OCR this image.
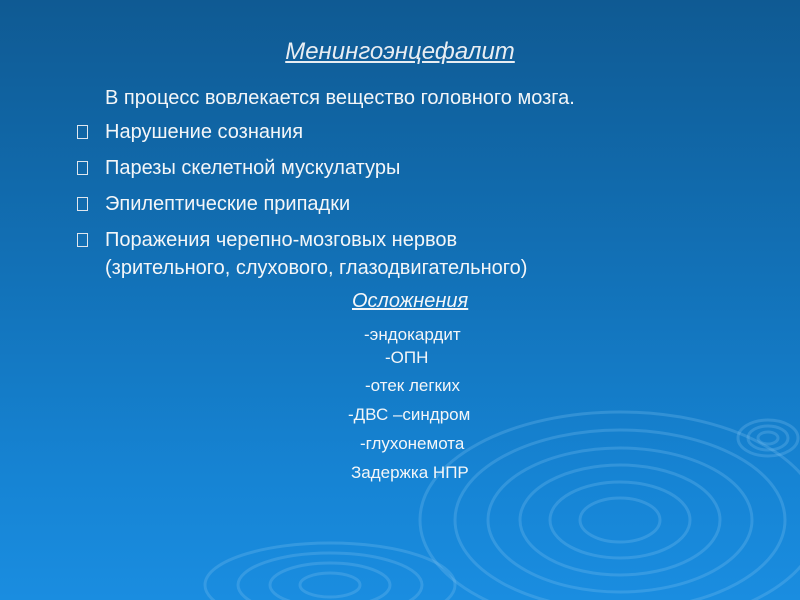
Менингоэнцефалит
В процесс вовлекается вещество головного мозга.
Нарушение сознания
Парезы скелетной мускулатуры
Эпилептические припадки
Поражения черепно-мозговых нервов
(зрительного, слухового, глазодвигательного)
Осложнения
-эндокардит
-ОПН
-отек легких
-ДВС –синдром
-глухонемота
Задержка НПР
